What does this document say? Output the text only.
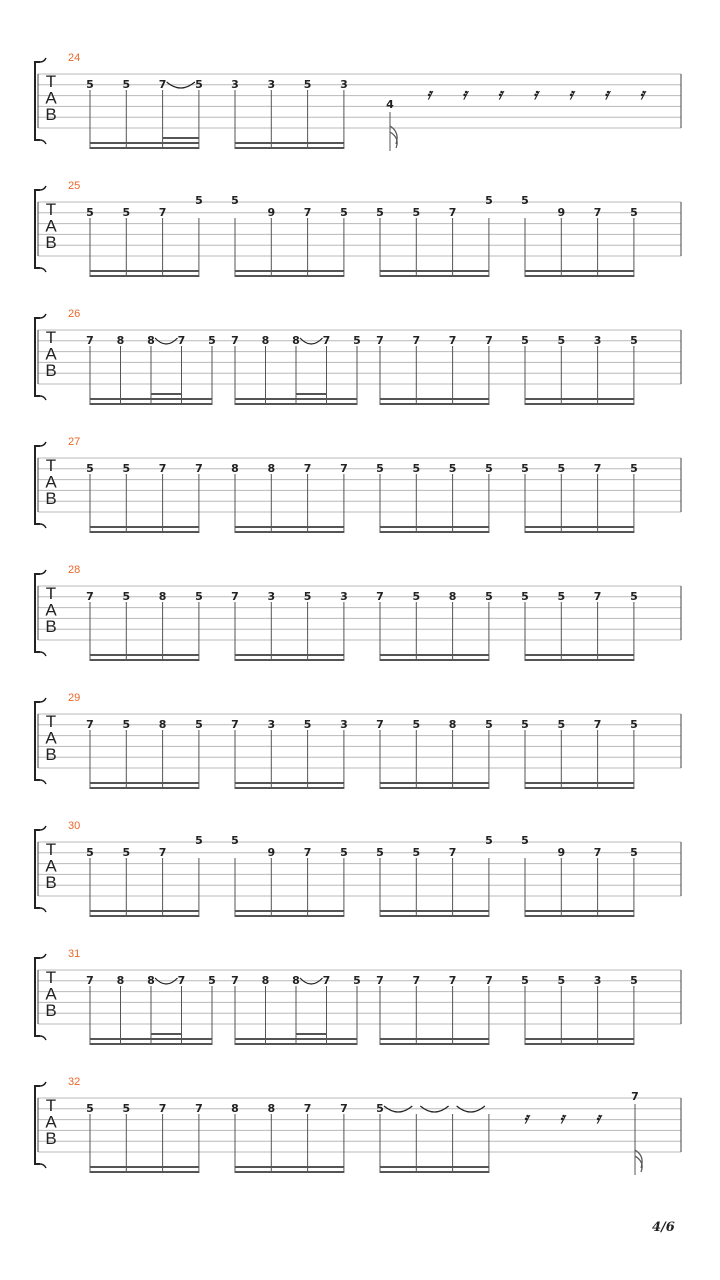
T
A
B
24
5	5	7	5	3	3	5	3
4
𝄿 𝄿 𝄿 𝄿 𝄿 𝄿 𝄿
T
A
B
25
5	5	7
5	5
9	7	5	5	5	7
5	5
9	7	5
T
A
B
26
7 8 8 7 5 7 8 8 7 5 7	7	7	7	5	5	3	5
T
A
B
27
5	5	7	7	8	8	7	7	5	5	5	5	5	5	7	5
T
A
B
28
7	5	8	5	7	3	5	3	7	5	8	5	5	5	7	5
T
A
B
29
7	5	8	5	7	3	5	3	7	5	8	5	5	5	7	5
T
A
B
30
5	5	7
5	5
9	7	5	5	5	7
5	5
9	7	5
T
A
B
31
7 8 8 7 5 7 8 8 7 5 7	7	7	7	5	5	3	5
T
A
B
32
5	5	7	7	8	8	7	7	5
𝄿 𝄿 𝄿
7
4/6
